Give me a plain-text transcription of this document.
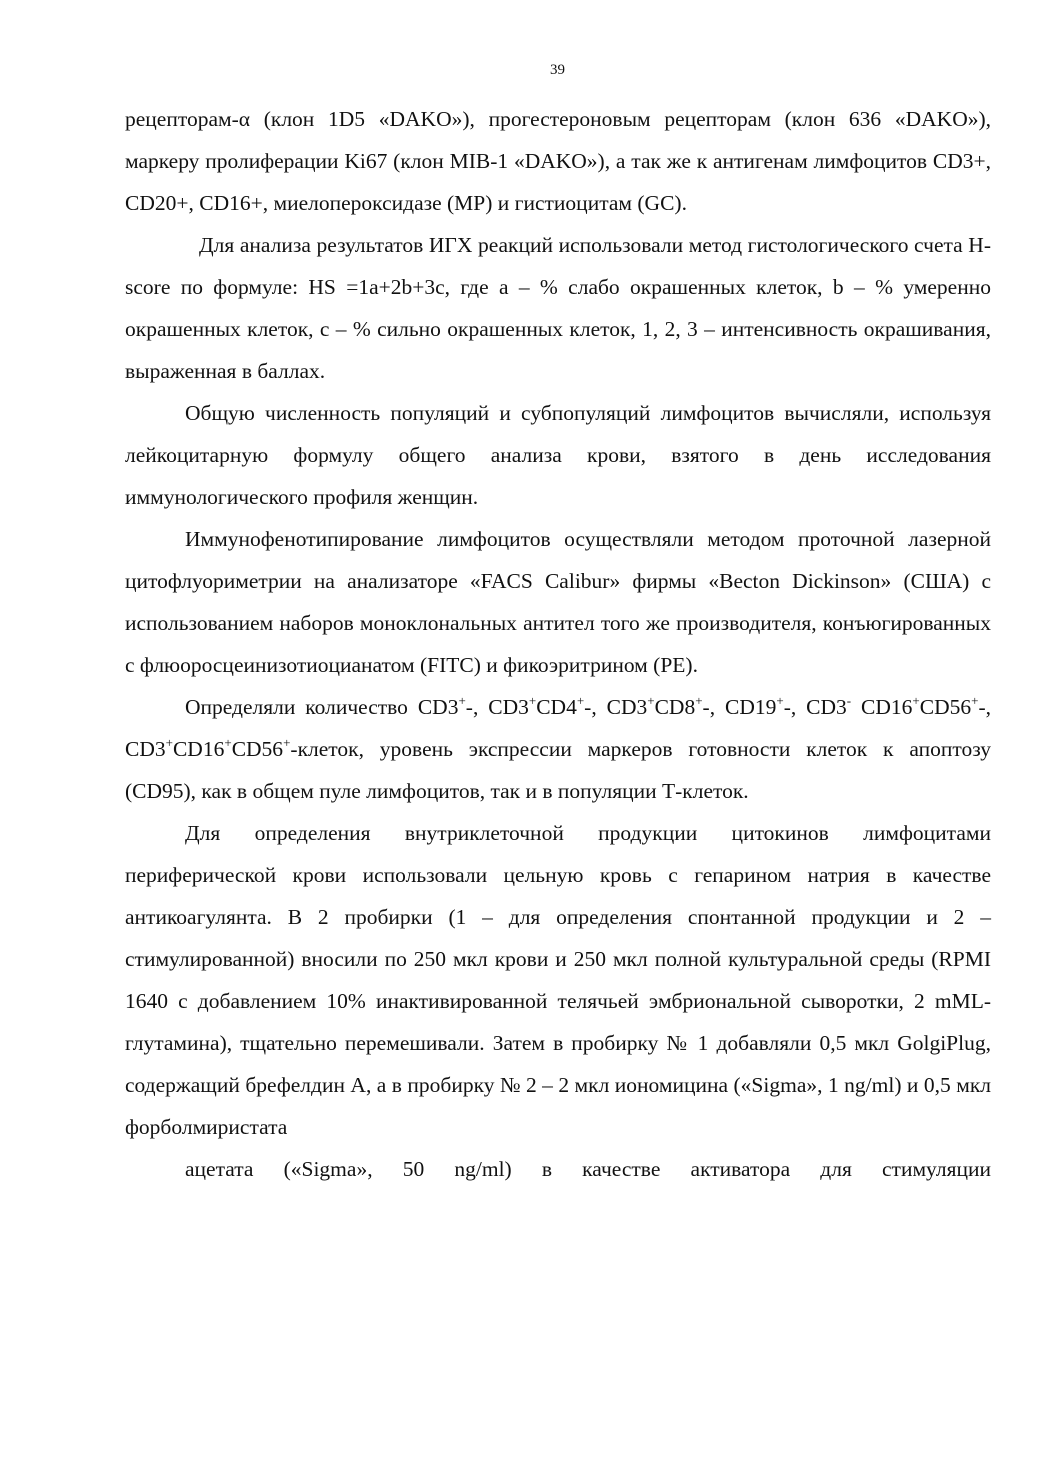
39

рецепторам-α (клон 1D5 «DAKO»), прогестероновым рецепторам (клон 636 «DAKO»), маркеру пролиферации Ki67 (клон MIB-1 «DAKO»), а так же к антигенам лимфоцитов CD3+, CD20+, CD16+, миелопероксидазе (MP) и гистиоцитам (GC).

Для анализа результатов ИГХ реакций использовали метод гистологического счета H-score по формуле: HS =1a+2b+3c, где a – % слабо окрашенных клеток, b – % умеренно окрашенных клеток, c – % сильно окрашенных клеток, 1, 2, 3 – интенсивность окрашивания, выраженная в баллах.

Общую численность популяций и субпопуляций лимфоцитов вычисляли, используя лейкоцитарную формулу общего анализа крови, взятого в день исследования иммунологического профиля женщин.

Иммунофенотипирование лимфоцитов осуществляли методом проточной лазерной цитофлуориметрии на анализаторе «FACS Calibur» фирмы «Becton Dickinson» (США) с использованием наборов моноклональных антител того же производителя, конъюгированных с флюоросцеинизотиоцианатом (FITC) и фикоэритрином (PE).

Определяли количество CD3+-, CD3+CD4+-, CD3+CD8+-, CD19+-, CD3- CD16+CD56+-, CD3+CD16+CD56+-клеток, уровень экспрессии маркеров готовности клеток к апоптозу (CD95), как в общем пуле лимфоцитов, так и в популяции Т-клеток.

Для определения внутриклеточной продукции цитокинов лимфоцитами периферической крови использовали цельную кровь с гепарином натрия в качестве антикоагулянта. В 2 пробирки (1 – для определения спонтанной продукции и 2 – стимулированной) вносили по 250 мкл крови и 250 мкл полной культуральной среды (RPMI 1640 с добавлением 10% инактивированной телячьей эмбриональной сыворотки, 2 mML-глутамина), тщательно перемешивали. Затем в пробирку № 1 добавляли 0,5 мкл GolgiPlug, содержащий брефелдин А, а в пробирку № 2 – 2 мкл иономицина («Sigma», 1 ng/ml) и 0,5 мкл форболмиристата
ацетата («Sigma», 50 ng/ml) в качестве активатора для стимуляции
